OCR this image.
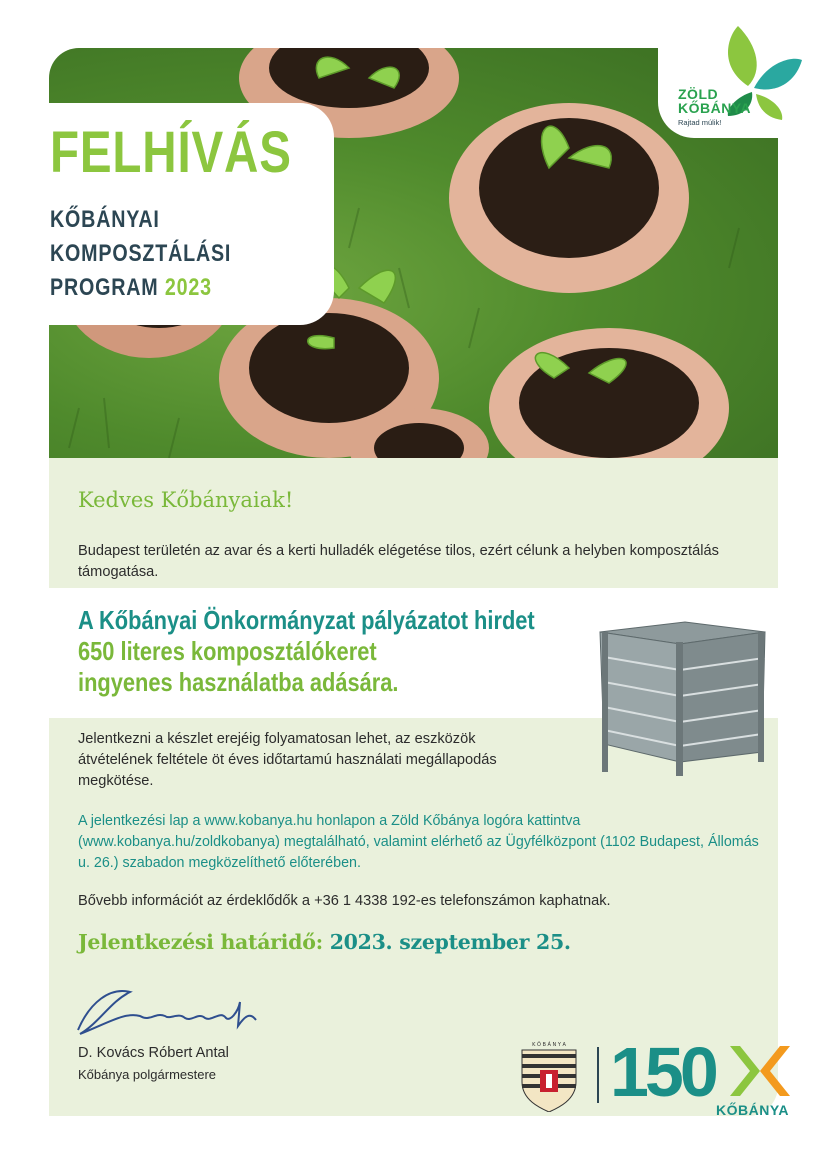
FELHÍVÁS
KŐBÁNYAI
KOMPOSZTÁLÁSI
PROGRAM 2023
ZÖLD
KŐBÁNYA
Rajtad múlik!
Kedves Kőbányaiak!
Budapest területén az avar és a kerti hulladék elégetése tilos, ezért célunk a helyben komposztálás támogatása.
A Kőbányai Önkormányzat pályázatot hirdet
650 literes komposztálókeret
ingyenes használatba adására.
Jelentkezni a készlet erejéig folyamatosan lehet, az eszközök átvételének feltétele öt éves időtartamú használati megállapodás megkötése.
A jelentkezési lap a www.kobanya.hu honlapon a Zöld Kőbánya logóra kattintva (www.kobanya.hu/zoldkobanya) megtalálható, valamint elérhető az Ügyfélközpont (1102 Budapest, Állomás u. 26.) szabadon megközelíthető előterében.
Bővebb információt az érdeklődők a +36 1 4338 192-es telefonszámon kaphatnak.
Jelentkezési határidő: 2023. szeptember 25.
D. Kovács Róbert Antal
Kőbánya polgármestere
K Ő B Á N Y A 150 KŐBÁNYA
